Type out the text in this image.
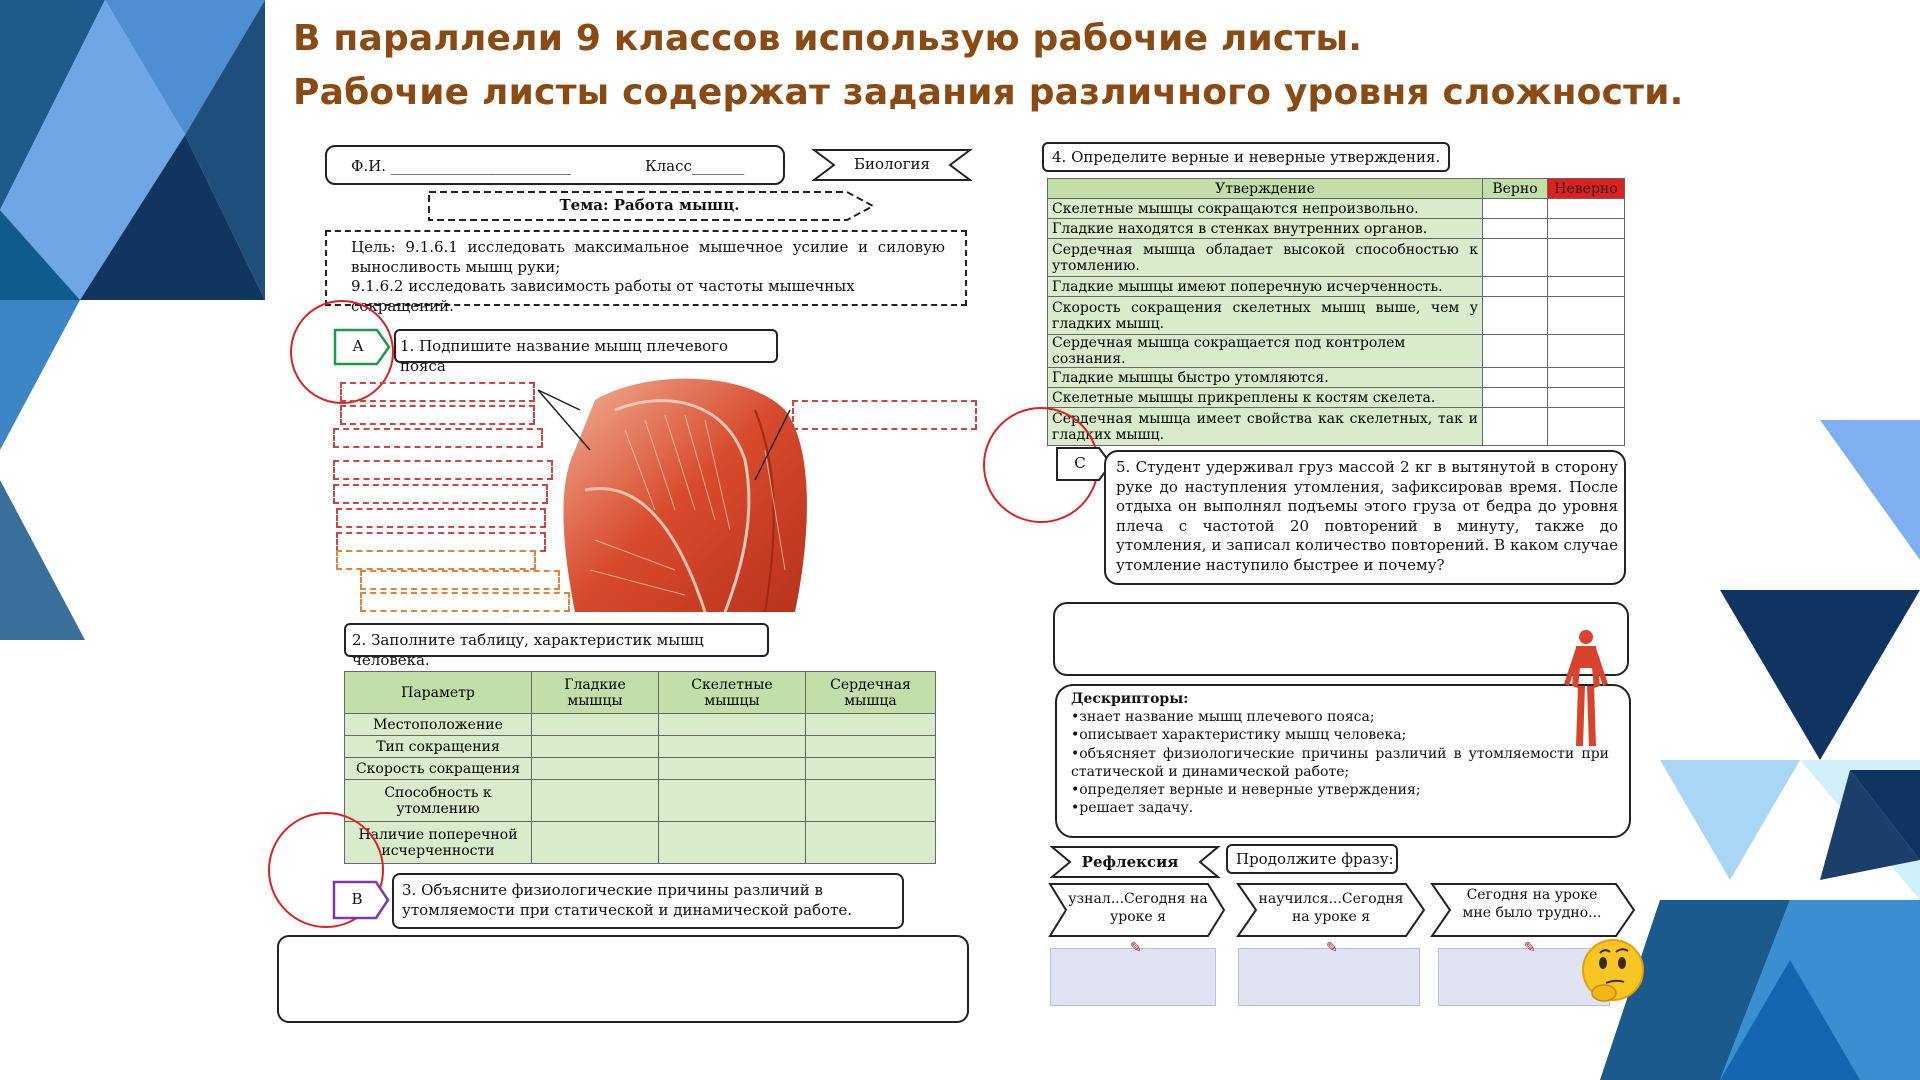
В параллели 9 классов использую рабочие листы.
Рабочие листы содержат задания различного уровня сложности.
Ф.И. ________________________	Класс_______	Биология
Тема: Работа мышц.
Цель: 9.1.6.1 исследовать максимальное мышечное усилие и силовую выносливость мышц руки;
9.1.6.2 исследовать зависимость работы от частоты мышечных сокращений.
А	1. Подпишите название мышц плечевого пояса
2. Заполните таблицу, характеристик мышц человека.
Параметр	Гладкие мышцы	Скелетные мышцы	Сердечная мышца
Местоположение			
Тип сокращения			
Скорость сокращения			
Способность к утомлению			
Наличие поперечной исчерченности			
В	3. Объясните физиологические причины различий в утомляемости при статической и динамической работе.
4. Определите верные и неверные утверждения.
Утверждение	Верно	Неверно
Скелетные мышцы сокращаются непроизвольно.		
Гладкие находятся в стенках внутренних органов.		
Сердечная мышца обладает высокой способностью к утомлению.		
Гладкие мышцы имеют поперечную исчерченность.		
Скорость сокращения скелетных мышц выше, чем у гладких мышц.		
Сердечная мышца сокращается под контролем сознания.		
Гладкие мышцы быстро утомляются.		
Скелетные мышцы прикреплены к костям скелета.		
Сердечная мышца имеет свойства как скелетных, так и гладких мышц.		
С	5. Студент удерживал груз массой 2 кг в вытянутой в сторону руке до наступления утомления, зафиксировав время. После отдыха он выполнял подъемы этого груза от бедра до уровня плеча с частотой 20 повторений в минуту, также до утомления, и записал количество повторений. В каком случае утомление наступило быстрее и почему?
Дескрипторы:
•знает название мышц плечевого пояса;
•описывает характеристику мышц человека;
•объясняет физиологические причины различий в утомляемости при статической и динамической работе;
•определяет верные и неверные утверждения;
•решает задачу.
Рефлексия	Продолжите фразу:
узнал...Сегодня на уроке я
научился...Сегодня на уроке я
Сегодня на уроке мне было трудно...
✎	✎	✎
